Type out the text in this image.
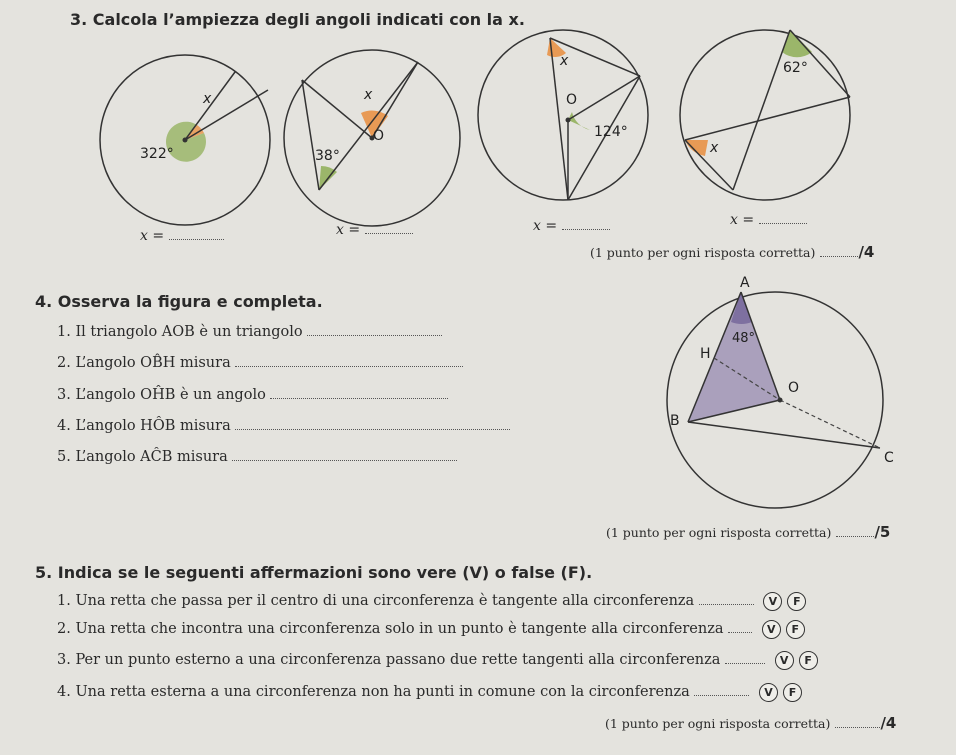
3. Calcola l’ampiezza degli angoli indicati con la x.
322°
x	x
O
38°
x
O
124°
62°
x
x =	x =	x =	x =
(1 punto per ogni risposta corretta)	/4
4. Osserva la figura e completa.
1. Il triangolo AOB è un triangolo
2. L’angolo OB̂H misura
3. L’angolo OĤB è un angolo
4. L’angolo HÔB misura
5. L’angolo AĈB misura
A
48°
H
O
B
C
(1 punto per ogni risposta corretta)	/5
5. Indica se le seguenti affermazioni sono vere (V) o false (F).
1. Una retta che passa per il centro di una circonferenza è tangente alla circonferenza	V F
2. Una retta che incontra una circonferenza solo in un punto è tangente alla circonferenza	V F
3. Per un punto esterno a una circonferenza passano due rette tangenti alla circonferenza	V F
4. Una retta esterna a una circonferenza non ha punti in comune con la circonferenza	V F
(1 punto per ogni risposta corretta)	/4
